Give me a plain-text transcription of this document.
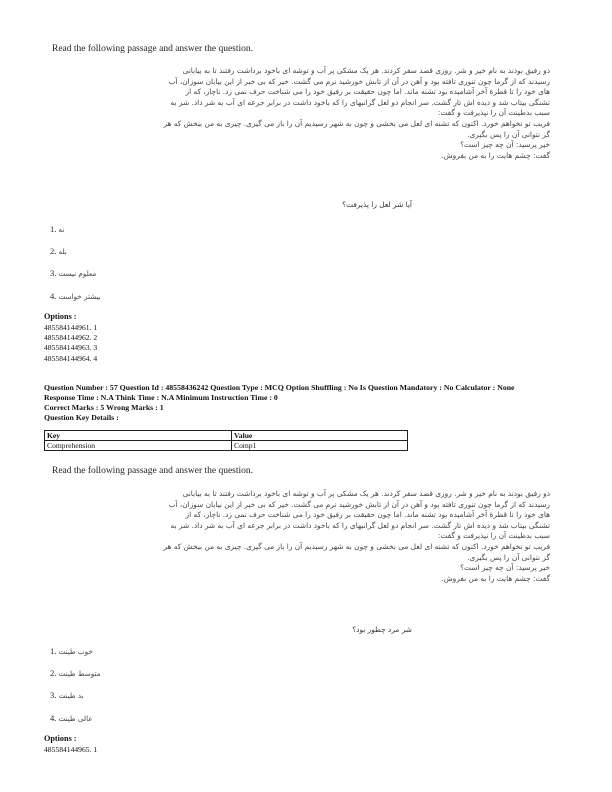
Read the following passage and answer the question.
دو رفیق بودند به نام خیر و شر. روزی قصد سفر کردند. هر یک مشکی پر آب و توشه ای باخود برداشت رفتند تا به بیابانی
رسیدند که از گرما چون تنوری تافته بود و آهن در آن از تابش خورشید نرم می گشت. خیر که بی خبر از این بیابان سوزان، آب
های خود را تا قطرهٔ آخر آشامیده بود تشنه ماند. اما چون حقیقت بر رفیق خود را می شناخت حرف نمی زد. ناچار، که از
تشنگی بیتاب شد و دیده اش تار گشت. سر انجام دو لعل گرانبهای را که باخود داشت در برابر جرعه ای آب به شر داد. شر به
سبب بدطینت آن را نپذیرفت و گفت:
فریب تو نخواهم خورد. اکنون که تشنه ای لعل می بخشی و چون به شهر رسیدیم آن را باز می گیری. چیزی به من ببخش که هر
گز نتوانی آن را پس بگیری.
خیر پرسید: آن چه چیز است؟
گفت: چشم هایت را به من بفروش.
آیا شر لعل را پذیرفت؟
1. نه
2. بله
3. معلوم نیست
4. بیشتر خواست
Options :
485584144961. 1
485584144962. 2
485584144963. 3
485584144964. 4
Question Number : 57 Question Id : 48558436242 Question Type : MCQ Option Shuffling : No Is Question Mandatory : No Calculator : None
Response Time : N.A Think Time : N.A Minimum Instruction Time : 0
Correct Marks : 5 Wrong Marks : 1
Question Key Details :
Key	Value
Comprehension	Comp1
Read the following passage and answer the question.
دو رفیق بودند به نام خیر و شر. روزی قصد سفر کردند. هر یک مشکی پر آب و توشه ای باخود برداشت رفتند تا به بیابانی
رسیدند که از گرما چون تنوری تافته بود و آهن در آن از تابش خورشید نرم می گشت. خیر که بی خبر از این بیابان سوزان، آب
های خود را تا قطرهٔ آخر آشامیده بود تشنه ماند. اما چون حقیقت بر رفیق خود را می شناخت حرف نمی زد. ناچار، که از
تشنگی بیتاب شد و دیده اش تار گشت. سر انجام دو لعل گرانبهای را که باخود داشت در برابر جرعه ای آب به شر داد. شر به
سبب بدطینت آن را نپذیرفت و گفت:
فریب تو نخواهم خورد. اکنون که تشنه ای لعل می بخشی و چون به شهر رسیدیم آن را باز می گیری. چیزی به من ببخش که هر
گز نتوانی آن را پس بگیری.
خیر پرسید: آن چه چیز است؟
گفت: چشم هایت را به من بفروش.
شر مرد چطور بود؟
1. خوب طینت
2. متوسط طینت
3. بد طینت
4. عالی طینت
Options :
485584144965. 1
